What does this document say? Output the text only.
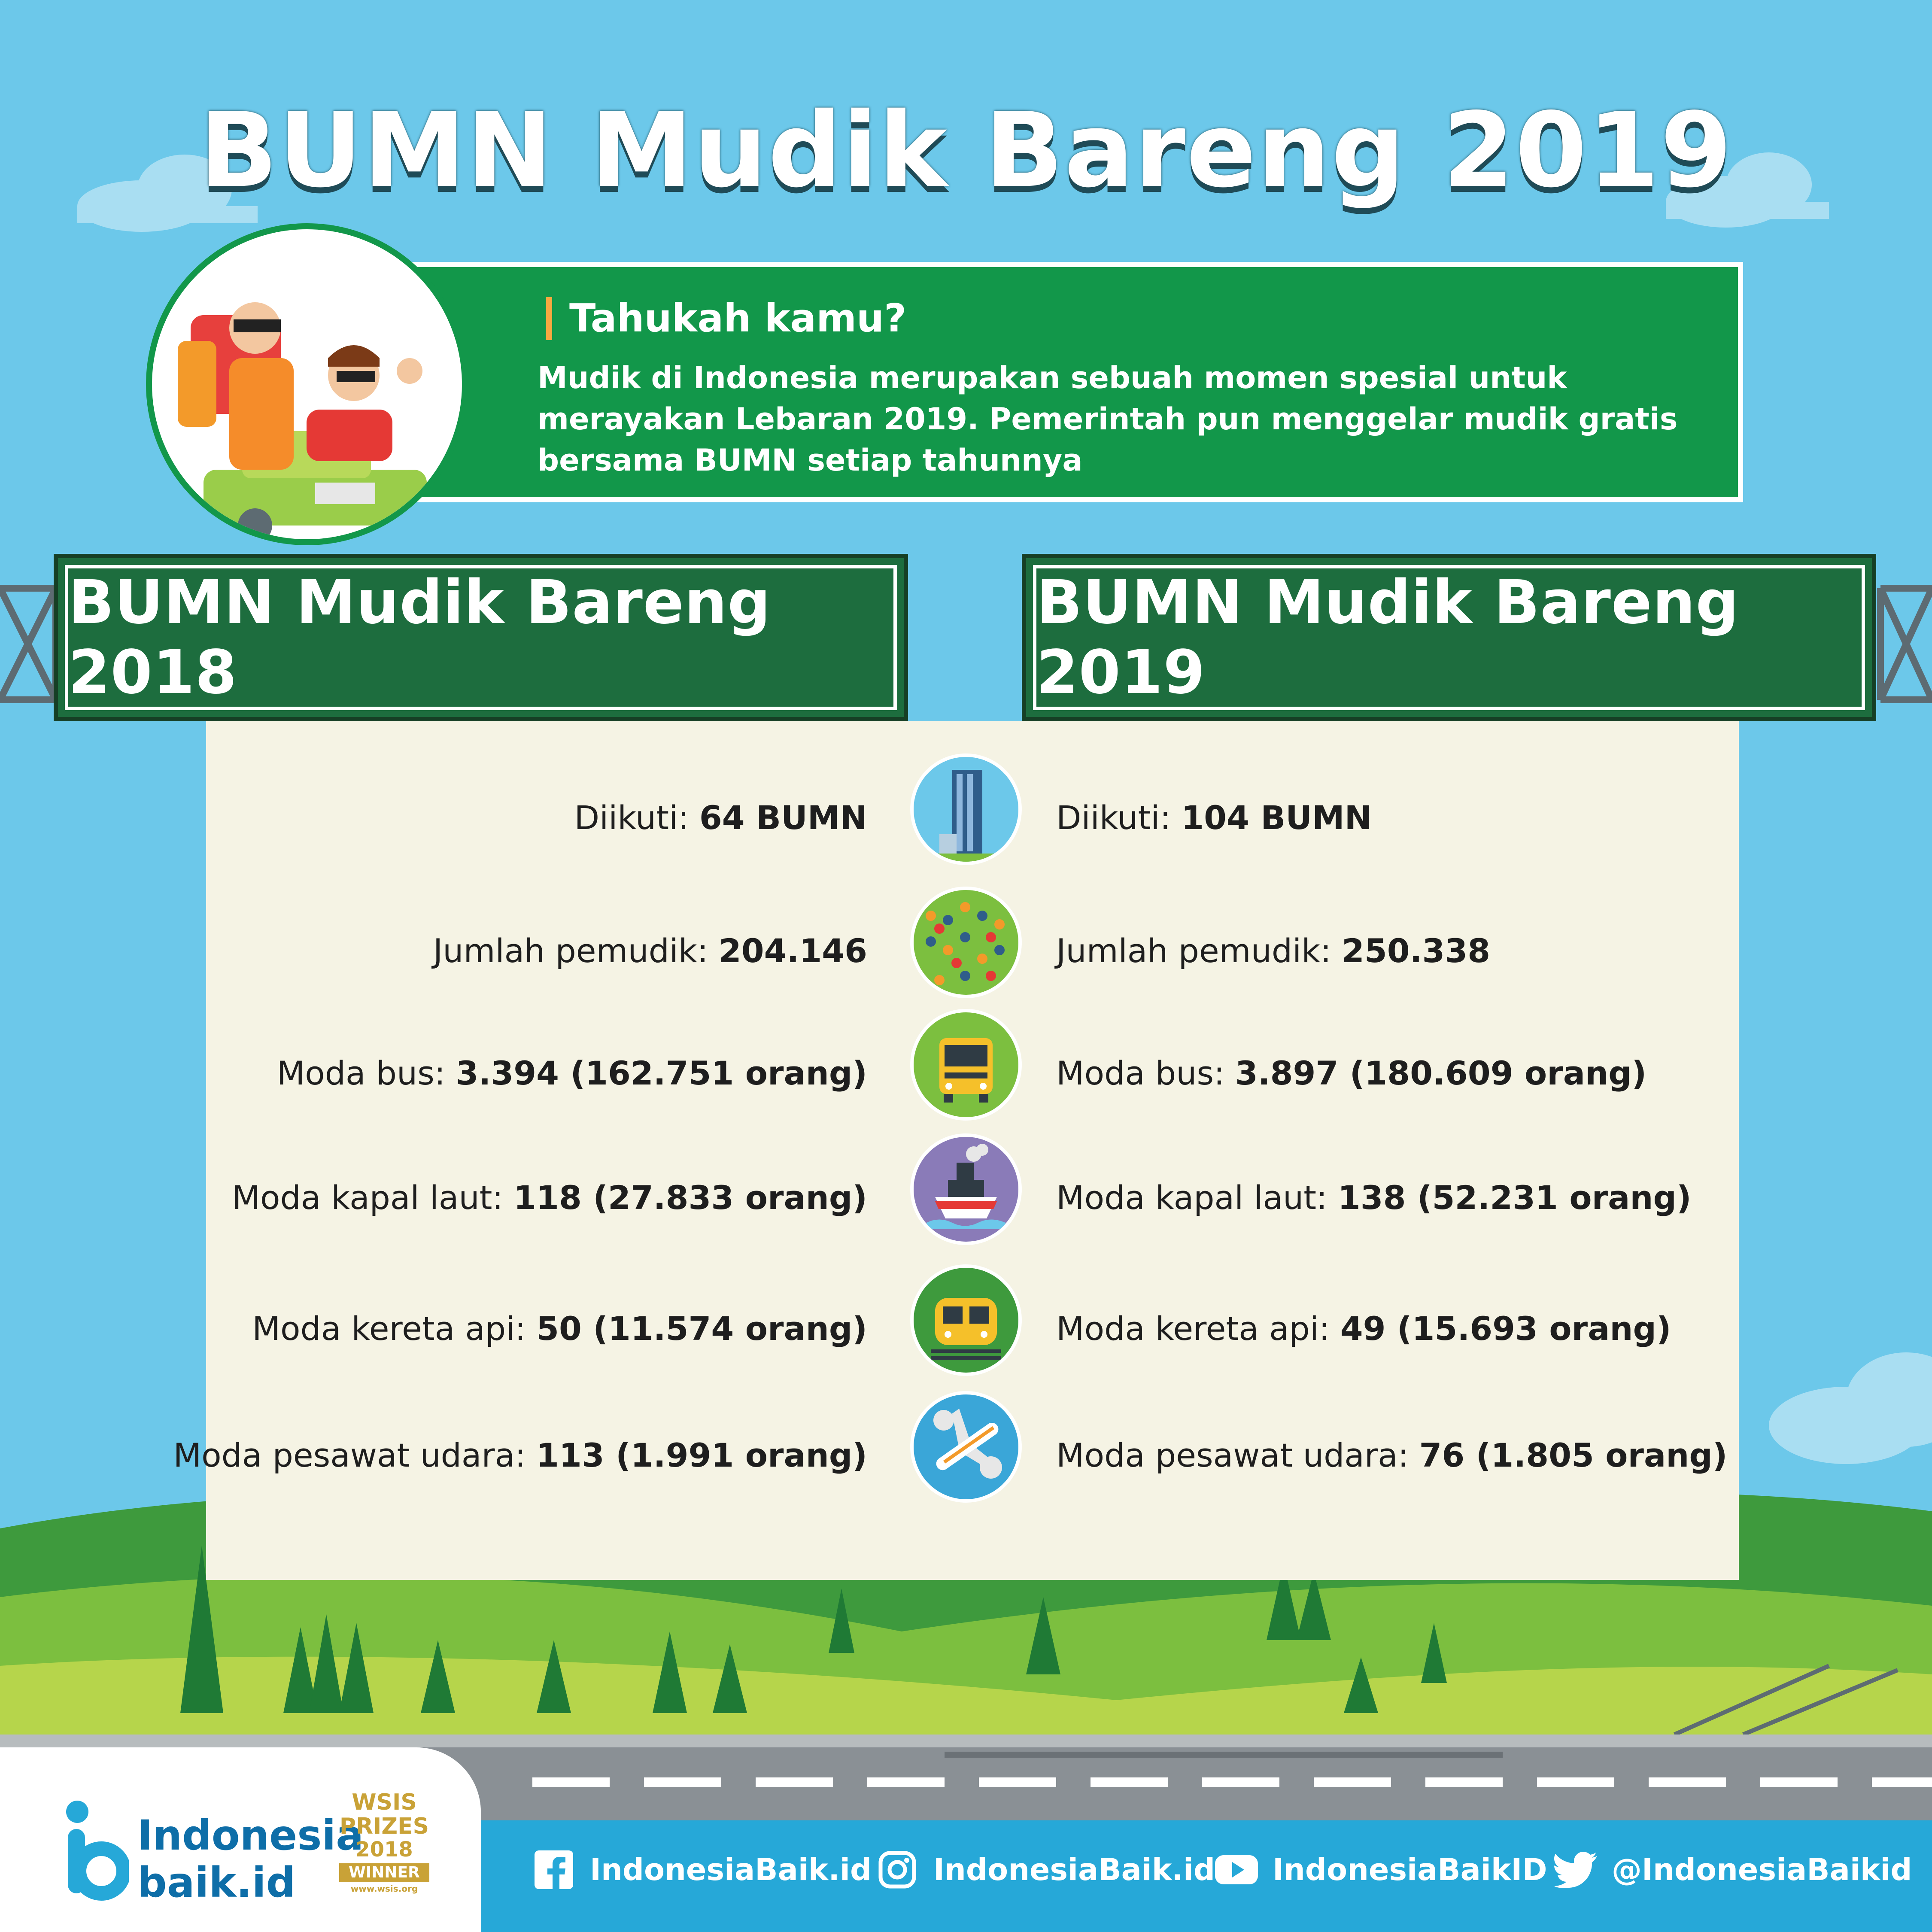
BUMN Mudik Bareng 2019
Tahukah kamu?
Mudik di Indonesia merupakan sebuah momen spesial untuk merayakan Lebaran 2019. Pemerintah pun menggelar mudik gratis bersama BUMN setiap tahunnya
BUMN Mudik Bareng 2018
BUMN Mudik Bareng 2019
Diikuti: 64 BUMN	Diikuti: 104 BUMN
Jumlah pemudik: 204.146	Jumlah pemudik: 250.338
Moda bus: 3.394 (162.751 orang)	Moda bus: 3.897 (180.609 orang)
Moda kapal laut: 118 (27.833 orang)	Moda kapal laut: 138 (52.231 orang)
Moda kereta api: 50 (11.574 orang)	Moda kereta api: 49 (15.693 orang)
Moda pesawat udara: 113 (1.991 orang)	Moda pesawat udara: 76 (1.805 orang)
Indonesia
baik.id
WSIS
PRIZES
2018
WINNER
www.wsis.org
IndonesiaBaik.id IndonesiaBaik.id IndonesiaBaikID @IndonesiaBaikid
